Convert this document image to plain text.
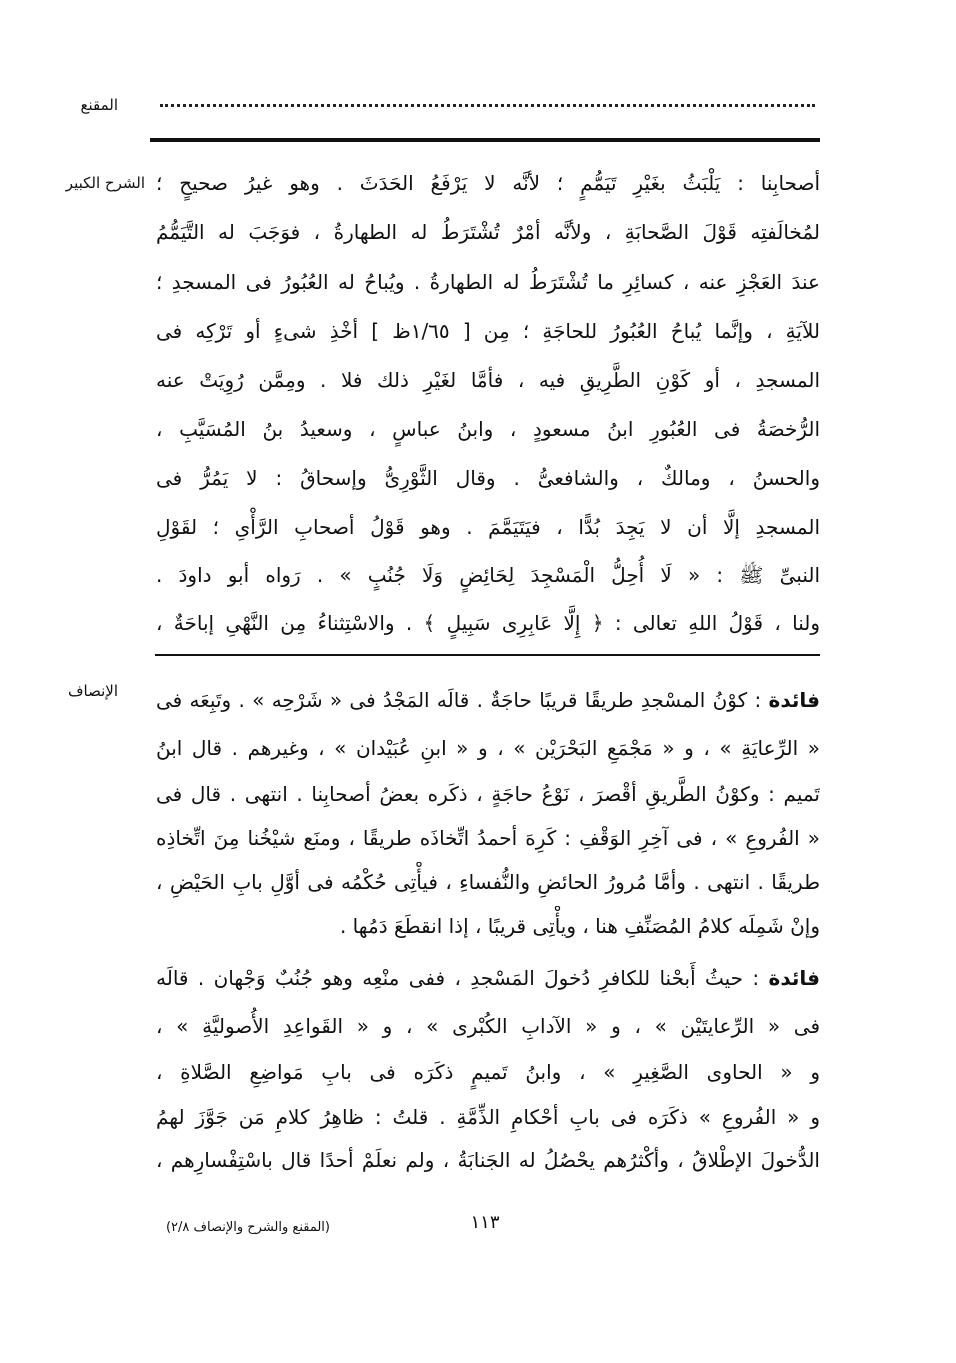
المقنع
الشرح الكبير أصحابِنا : يَلْبَثُ بغَيْرِ تَيَمُّمٍ ؛ لأنَّه لا يَرْفَعُ الحَدَثَ . وهو غيرُ صحيحٍ ؛
لمُخالَفتِه قَوْلَ الصَّحابَةِ ، ولأنَّه أمْرٌ تُشْتَرَطُ له الطهارةُ ، فوَجَبَ له التَّيَمُّمُ
عندَ العَجْزِ عنه ، كسائِرِ ما تُشْتَرَطُ له الطهارةُ . ويُباحُ له العُبُورُ فى المسجدِ ؛
للآيَةِ ، وإنَّما يُباحُ العُبُورُ للحاجَةِ ؛ مِن [ ١/٦٥ظ ] أخْذِ شىءٍ أو تَرْكِه فى
المسجدِ ، أو كَوْنِ الطَّرِيقِ فيه ، فأمَّا لغَيْرِ ذلك فلا . ومِمَّن رُوِيَتْ عنه
الرُّخصَةُ فى العُبُورِ ابنُ مسعودٍ ، وابنُ عباسٍ ، وسعيدُ بنُ المُسَيَّبِ ،
والحسنُ ، ومالكٌ ، والشافعىُّ . وقال الثَّوْرِىُّ وإسحاقُ : لا يَمُرُّ فى
المسجدِ إلَّا أن لا يَجِدَ بُدًّا ، فيَتَيَمَّمَ . وهو قَوْلُ أصحابِ الرَّأْىِ ؛ لقَوْلِ
النبىِّ ﷺ : « لَا أُحِلُّ الْمَسْجِدَ لِحَائِضٍ وَلَا جُنُبٍ » . رَواه أبو داودَ .
ولنا ، قَوْلُ اللهِ تعالى : ﴿ إِلَّا عَابِرِى سَبِيلٍ ﴾ . والاسْتِثناءُ مِن النَّهْىِ إباحَةٌ ،
الإنصاف	فائدة : كوْنُ المسْجدِ طريقًا قريبًا حاجَةٌ . قالَه المَجْدُ فى « شَرْحِه » . وتَبِعَه فى
« الرِّعايَةِ » ، و « مَجْمَعِ البَحْرَيْن » ، و « ابنِ عُبَيْدان » ، وغيرهم . قال ابنُ
تَميم : وكوْنُ الطَّريقِ أقْصرَ ، نَوْعُ حاجَةٍ ، ذكَره بعضُ أصحابِنا . انتهى . قال فى
« الفُروعِ » ، فى آخِرِ الوَقْفِ : كَرِهَ أحمدُ اتِّخاذَه طريقًا ، ومنَع شيْخُنا مِنَ اتِّخاذِه
طريقًا . انتهى . وأمَّا مُرورُ الحائضِ والنُّفساءِ ، فيأْتِى حُكْمُه فى أوَّلِ بابِ الحَيْضِ ،
وإنْ شَمِلَه كلامُ المُصَنِّفِ هنا ، ويأْتِى قريبًا ، إذا انقطَعَ دَمُها .
فائدة : حيثُ أَبحْنا للكافرِ دُخولَ المَسْجدِ ، ففى منْعِه وهو جُنُبٌ وَجْهان . قالَه
فى « الرِّعايتَيْن » ، و « الآدابِ الكُبْرى » ، و « القَواعِدِ الأُصوليَّةِ » ،
و « الحاوى الصَّغِيرِ » ، وابنُ تَميمٍ ذكَرَه فى بابِ مَواضِعِ الصَّلاةِ ،
و « الفُروعِ » ذكَرَه فى بابِ أحْكامِ الذِّمَّةِ . قلتُ : ظاهِرُ كلامِ مَن جَوَّزَ لهمُ
الدُّخولَ الإطْلاقُ ، وأكْثرُهم يحْصُلُ له الجَنابَةُ ، ولم نعلَمْ أحدًا قال باسْتِفْسارِهم ،
١١٣
(المقنع والشرح والإنصاف ٢/٨)
